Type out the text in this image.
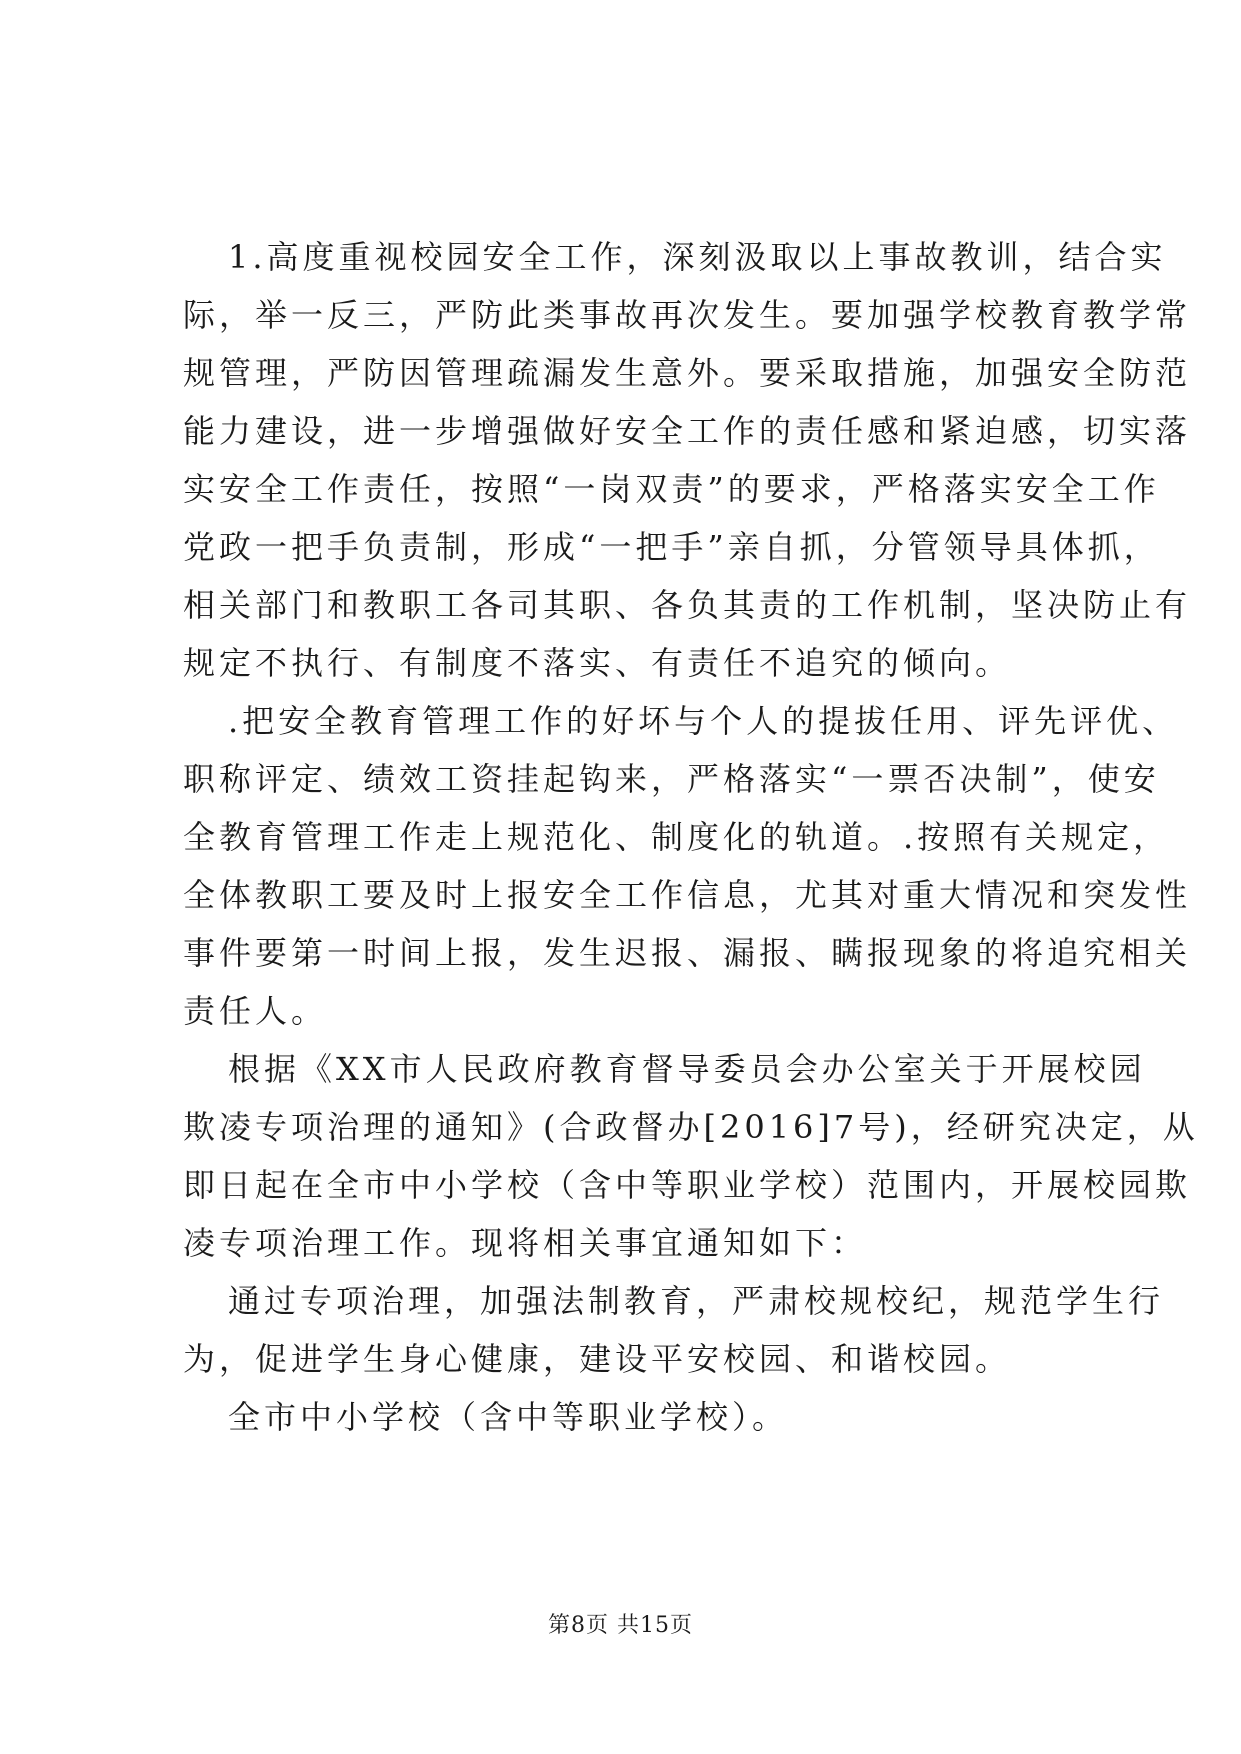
1.高度重视校园安全工作，深刻汲取以上事故教训，结合实
际，举一反三，严防此类事故再次发生。要加强学校教育教学常
规管理，严防因管理疏漏发生意外。要采取措施，加强安全防范
能力建设，进一步增强做好安全工作的责任感和紧迫感，切实落
实安全工作责任，按照“一岗双责”的要求，严格落实安全工作
党政一把手负责制，形成“一把手”亲自抓，分管领导具体抓，
相关部门和教职工各司其职、各负其责的工作机制，坚决防止有
规定不执行、有制度不落实、有责任不追究的倾向。
.把安全教育管理工作的好坏与个人的提拔任用、评先评优、
职称评定、绩效工资挂起钩来，严格落实“一票否决制”，使安
全教育管理工作走上规范化、制度化的轨道。.按照有关规定，
全体教职工要及时上报安全工作信息，尤其对重大情况和突发性
事件要第一时间上报，发生迟报、漏报、瞒报现象的将追究相关
责任人。
根据《XX市人民政府教育督导委员会办公室关于开展校园
欺凌专项治理的通知》(合政督办[2016]7号)，经研究决定，从
即日起在全市中小学校（含中等职业学校）范围内，开展校园欺
凌专项治理工作。现将相关事宜通知如下：
通过专项治理，加强法制教育，严肃校规校纪，规范学生行
为，促进学生身心健康，建设平安校园、和谐校园。
全市中小学校（含中等职业学校）。
第8页 共15页
